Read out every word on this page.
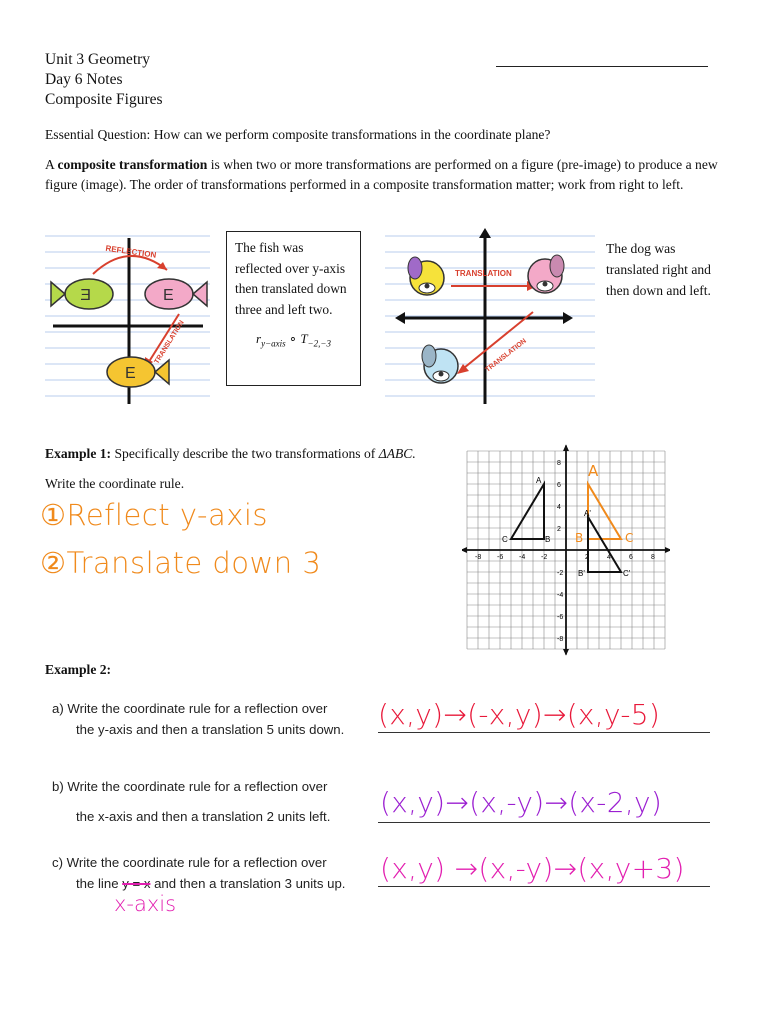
Unit 3 Geometry
Day 6 Notes
Composite Figures
Essential Question: How can we perform composite transformations in the coordinate plane?
A composite transformation is when two or more transformations are performed on a figure (pre-image) to produce a new figure (image). The order of transformations performed in a composite transformation matter; work from right to left.
REFLECTION
E	E
TRANSLATION
E
The fish was reflected over y-axis then translated down three and left two.
$r_{y-axis}$ ∘ $T_{-2,-3}$
TRANSLATION
TRANSLATION
The dog was translated right and then down and left.
Example 1: Specifically describe the two transformations of ΔABC.
Write the coordinate rule.
①Reflect y-axis
②Translate down 3	-8 -6 -4 -2	2	4	6	8
8
6
4
2
-2
-4
-6
-8
A
B
C
A'
B'	C'
A
B	C
Example 2:
a) Write the coordinate rule for a reflection over
the y-axis and then a translation 5 units down. (x,y)→(-x,y)→(x,y-5)
b) Write the coordinate rule for a reflection over
the x-axis and then a translation 2 units left. (x,y)→(x,-y)→(x-2,y)
c) Write the coordinate rule for a reflection over
the line y = x and then a translation 3 units up.
x-axis
(x,y) →(x,-y)→(x,y+3)
